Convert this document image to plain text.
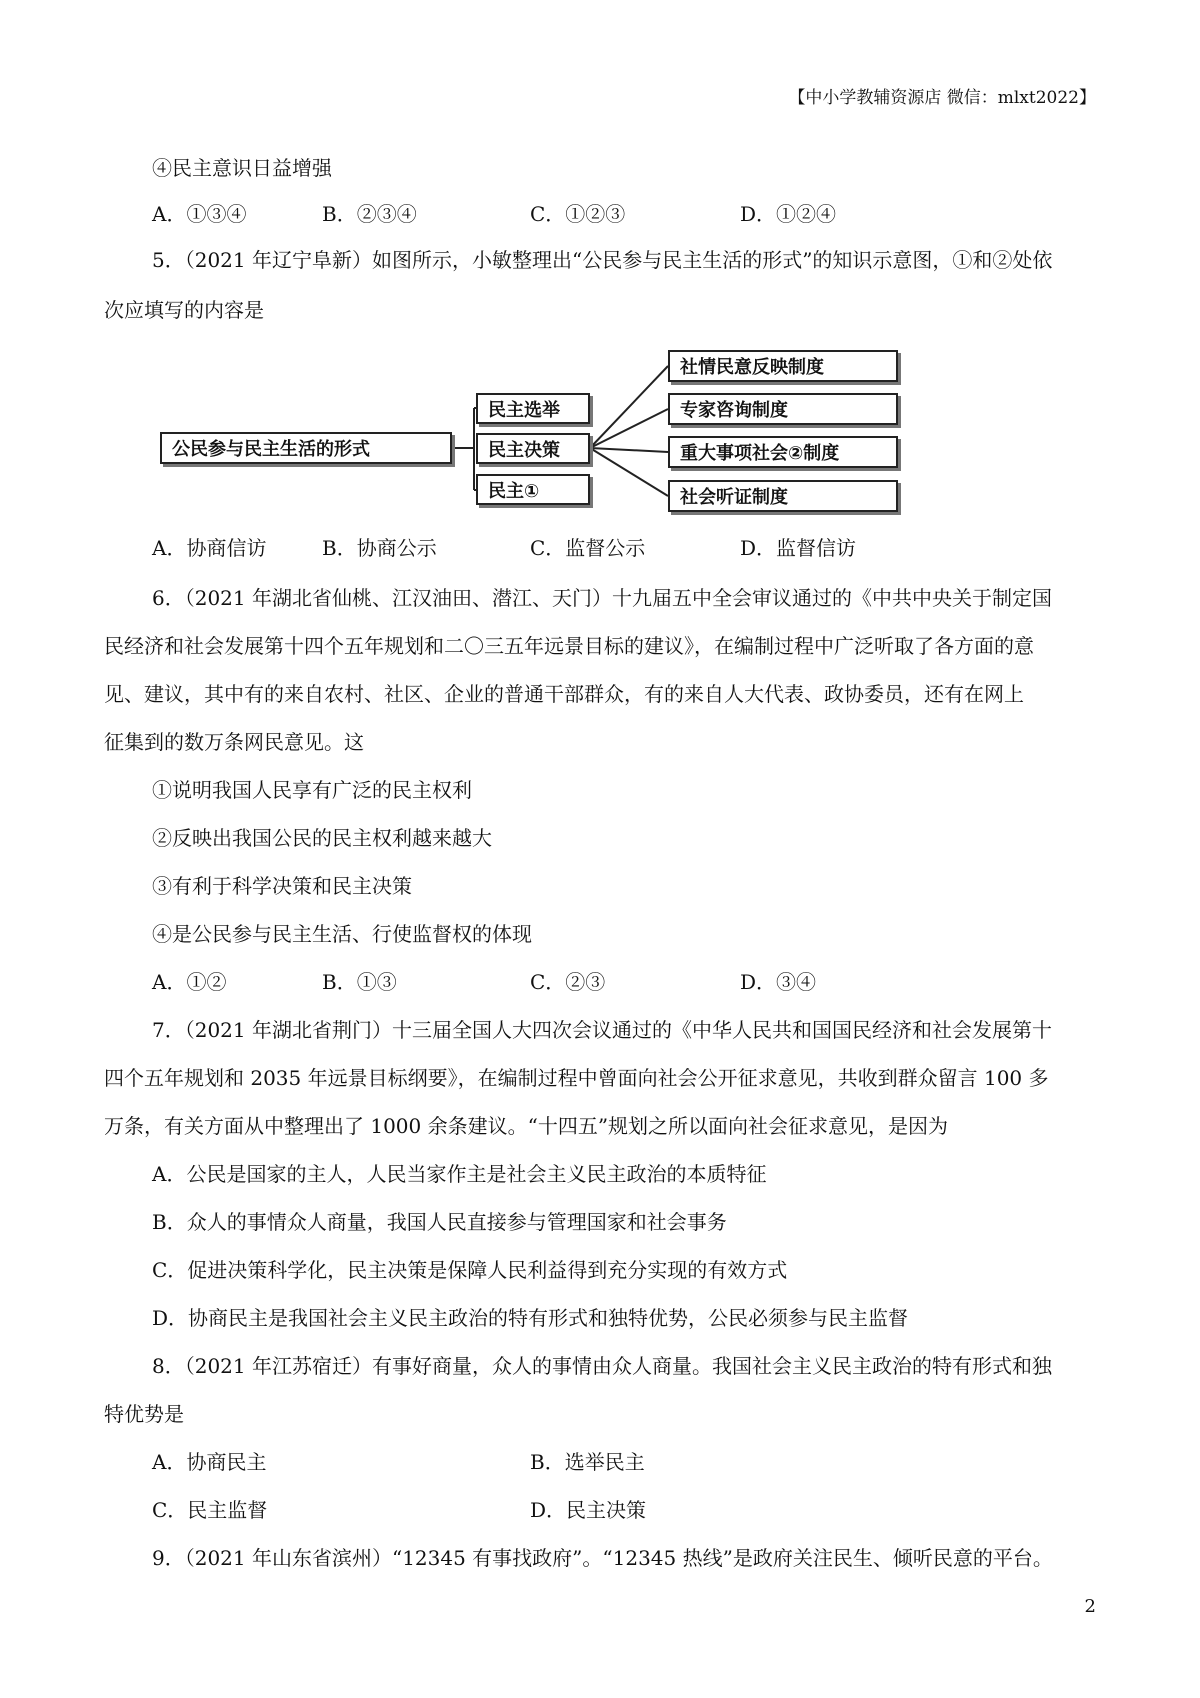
【中小学教辅资源店 微信：mlxt2022】
④民主意识日益增强
A．①③④	B．②③④	C．①②③	D．①②④
5．（2021 年辽宁阜新）如图所示，小敏整理出“公民参与民主生活的形式”的知识示意图，①和②处依
次应填写的内容是
公民参与民主生活的形式
民主选举
民主决策
民主①
社情民意反映制度
专家咨询制度
重大事项社会②制度
社会听证制度
A．协商信访	B．协商公示	C．监督公示	D．监督信访
6．（2021 年湖北省仙桃、江汉油田、潜江、天门）十九届五中全会审议通过的《中共中央关于制定国
民经济和社会发展第十四个五年规划和二〇三五年远景目标的建议》，在编制过程中广泛听取了各方面的意
见、建议，其中有的来自农村、社区、企业的普通干部群众，有的来自人大代表、政协委员，还有在网上
征集到的数万条网民意见。这
①说明我国人民享有广泛的民主权利
②反映出我国公民的民主权利越来越大
③有利于科学决策和民主决策
④是公民参与民主生活、行使监督权的体现
A．①②	B．①③	C．②③	D．③④
7．（2021 年湖北省荆门）十三届全国人大四次会议通过的《中华人民共和国国民经济和社会发展第十
四个五年规划和 2035 年远景目标纲要》，在编制过程中曾面向社会公开征求意见，共收到群众留言 100 多
万条，有关方面从中整理出了 1000 余条建议。“十四五”规划之所以面向社会征求意见，是因为
A．公民是国家的主人，人民当家作主是社会主义民主政治的本质特征
B．众人的事情众人商量，我国人民直接参与管理国家和社会事务
C．促进决策科学化，民主决策是保障人民利益得到充分实现的有效方式
D．协商民主是我国社会主义民主政治的特有形式和独特优势，公民必须参与民主监督
8．（2021 年江苏宿迁）有事好商量，众人的事情由众人商量。我国社会主义民主政治的特有形式和独
特优势是
A．协商民主	B．选举民主
C．民主监督	D．民主决策
9．（2021 年山东省滨州）“12345 有事找政府”。“12345 热线”是政府关注民生、倾听民意的平台。
2
